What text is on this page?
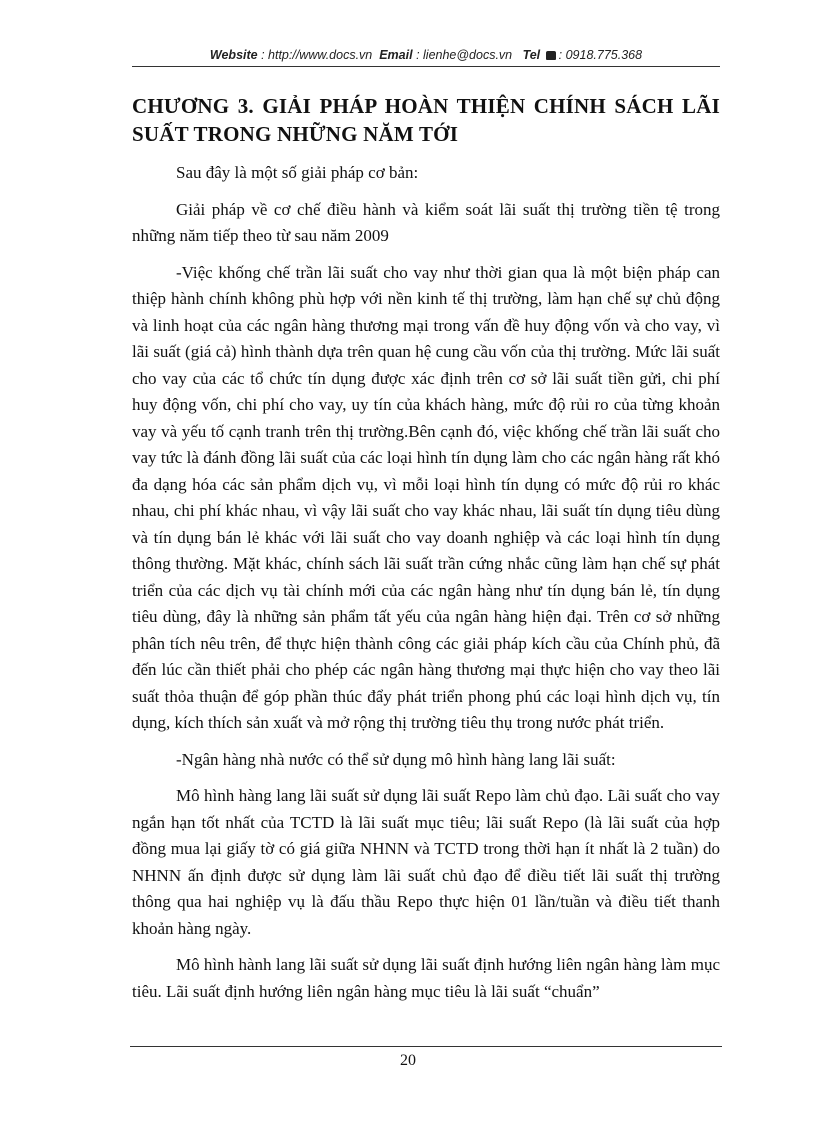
Website : http://www.docs.vn Email : lienhe@docs.vn Tel : 0918.775.368
CHƯƠNG 3. GIẢI PHÁP HOÀN THIỆN CHÍNH SÁCH LÃI SUẤT TRONG NHỮNG NĂM TỚI

Sau đây là một số giải pháp cơ bản:

Giải pháp về cơ chế điều hành và kiểm soát lãi suất thị trường tiền tệ trong những năm tiếp theo từ sau năm 2009

-Việc khống chế trần lãi suất cho vay như thời gian qua là một biện pháp can thiệp hành chính không phù hợp với nền kinh tế thị trường, làm hạn chế sự chủ động và linh hoạt của các ngân hàng thương mại trong vấn đề huy động vốn và cho vay, vì lãi suất (giá cả) hình thành dựa trên quan hệ cung cầu vốn của thị trường. Mức lãi suất cho vay của các tổ chức tín dụng được xác định trên cơ sở lãi suất tiền gửi, chi phí huy động vốn, chi phí cho vay, uy tín của khách hàng, mức độ rủi ro của từng khoản vay và yếu tố cạnh tranh trên thị trường.Bên cạnh đó, việc khống chế trần lãi suất cho vay tức là đánh đồng lãi suất của các loại hình tín dụng làm cho các ngân hàng rất khó đa dạng hóa các sản phẩm dịch vụ, vì mỗi loại hình tín dụng có mức độ rủi ro khác nhau, chi phí khác nhau, vì vậy lãi suất cho vay khác nhau, lãi suất tín dụng tiêu dùng và tín dụng bán lẻ khác với lãi suất cho vay doanh nghiệp và các loại hình tín dụng thông thường. Mặt khác, chính sách lãi suất trần cứng nhắc cũng làm hạn chế sự phát triển của các dịch vụ tài chính mới của các ngân hàng như tín dụng bán lẻ, tín dụng tiêu dùng, đây là những sản phẩm tất yếu của ngân hàng hiện đại. Trên cơ sở những phân tích nêu trên, để thực hiện thành công các giải pháp kích cầu của Chính phủ, đã đến lúc cần thiết phải cho phép các ngân hàng thương mại thực hiện cho vay theo lãi suất thỏa thuận để góp phần thúc đẩy phát triển phong phú các loại hình dịch vụ, tín dụng, kích thích sản xuất và mở rộng thị trường tiêu thụ trong nước phát triển.

-Ngân hàng nhà nước có thể sử dụng mô hình hàng lang lãi suất:

Mô hình hàng lang lãi suất sử dụng lãi suất Repo làm chủ đạo. Lãi suất cho vay ngắn hạn tốt nhất của TCTD là lãi suất mục tiêu; lãi suất Repo (là lãi suất của hợp đồng mua lại giấy tờ có giá giữa NHNN và TCTD trong thời hạn ít nhất là 2 tuần) do NHNN ấn định được sử dụng làm lãi suất chủ đạo để điều tiết lãi suất thị trường thông qua hai nghiệp vụ là đấu thầu Repo thực hiện 01 lần/tuần và điều tiết thanh khoản hàng ngày.

Mô hình hành lang lãi suất sử dụng lãi suất định hướng liên ngân hàng làm mục tiêu. Lãi suất định hướng liên ngân hàng mục tiêu là lãi suất “chuẩn”

20
